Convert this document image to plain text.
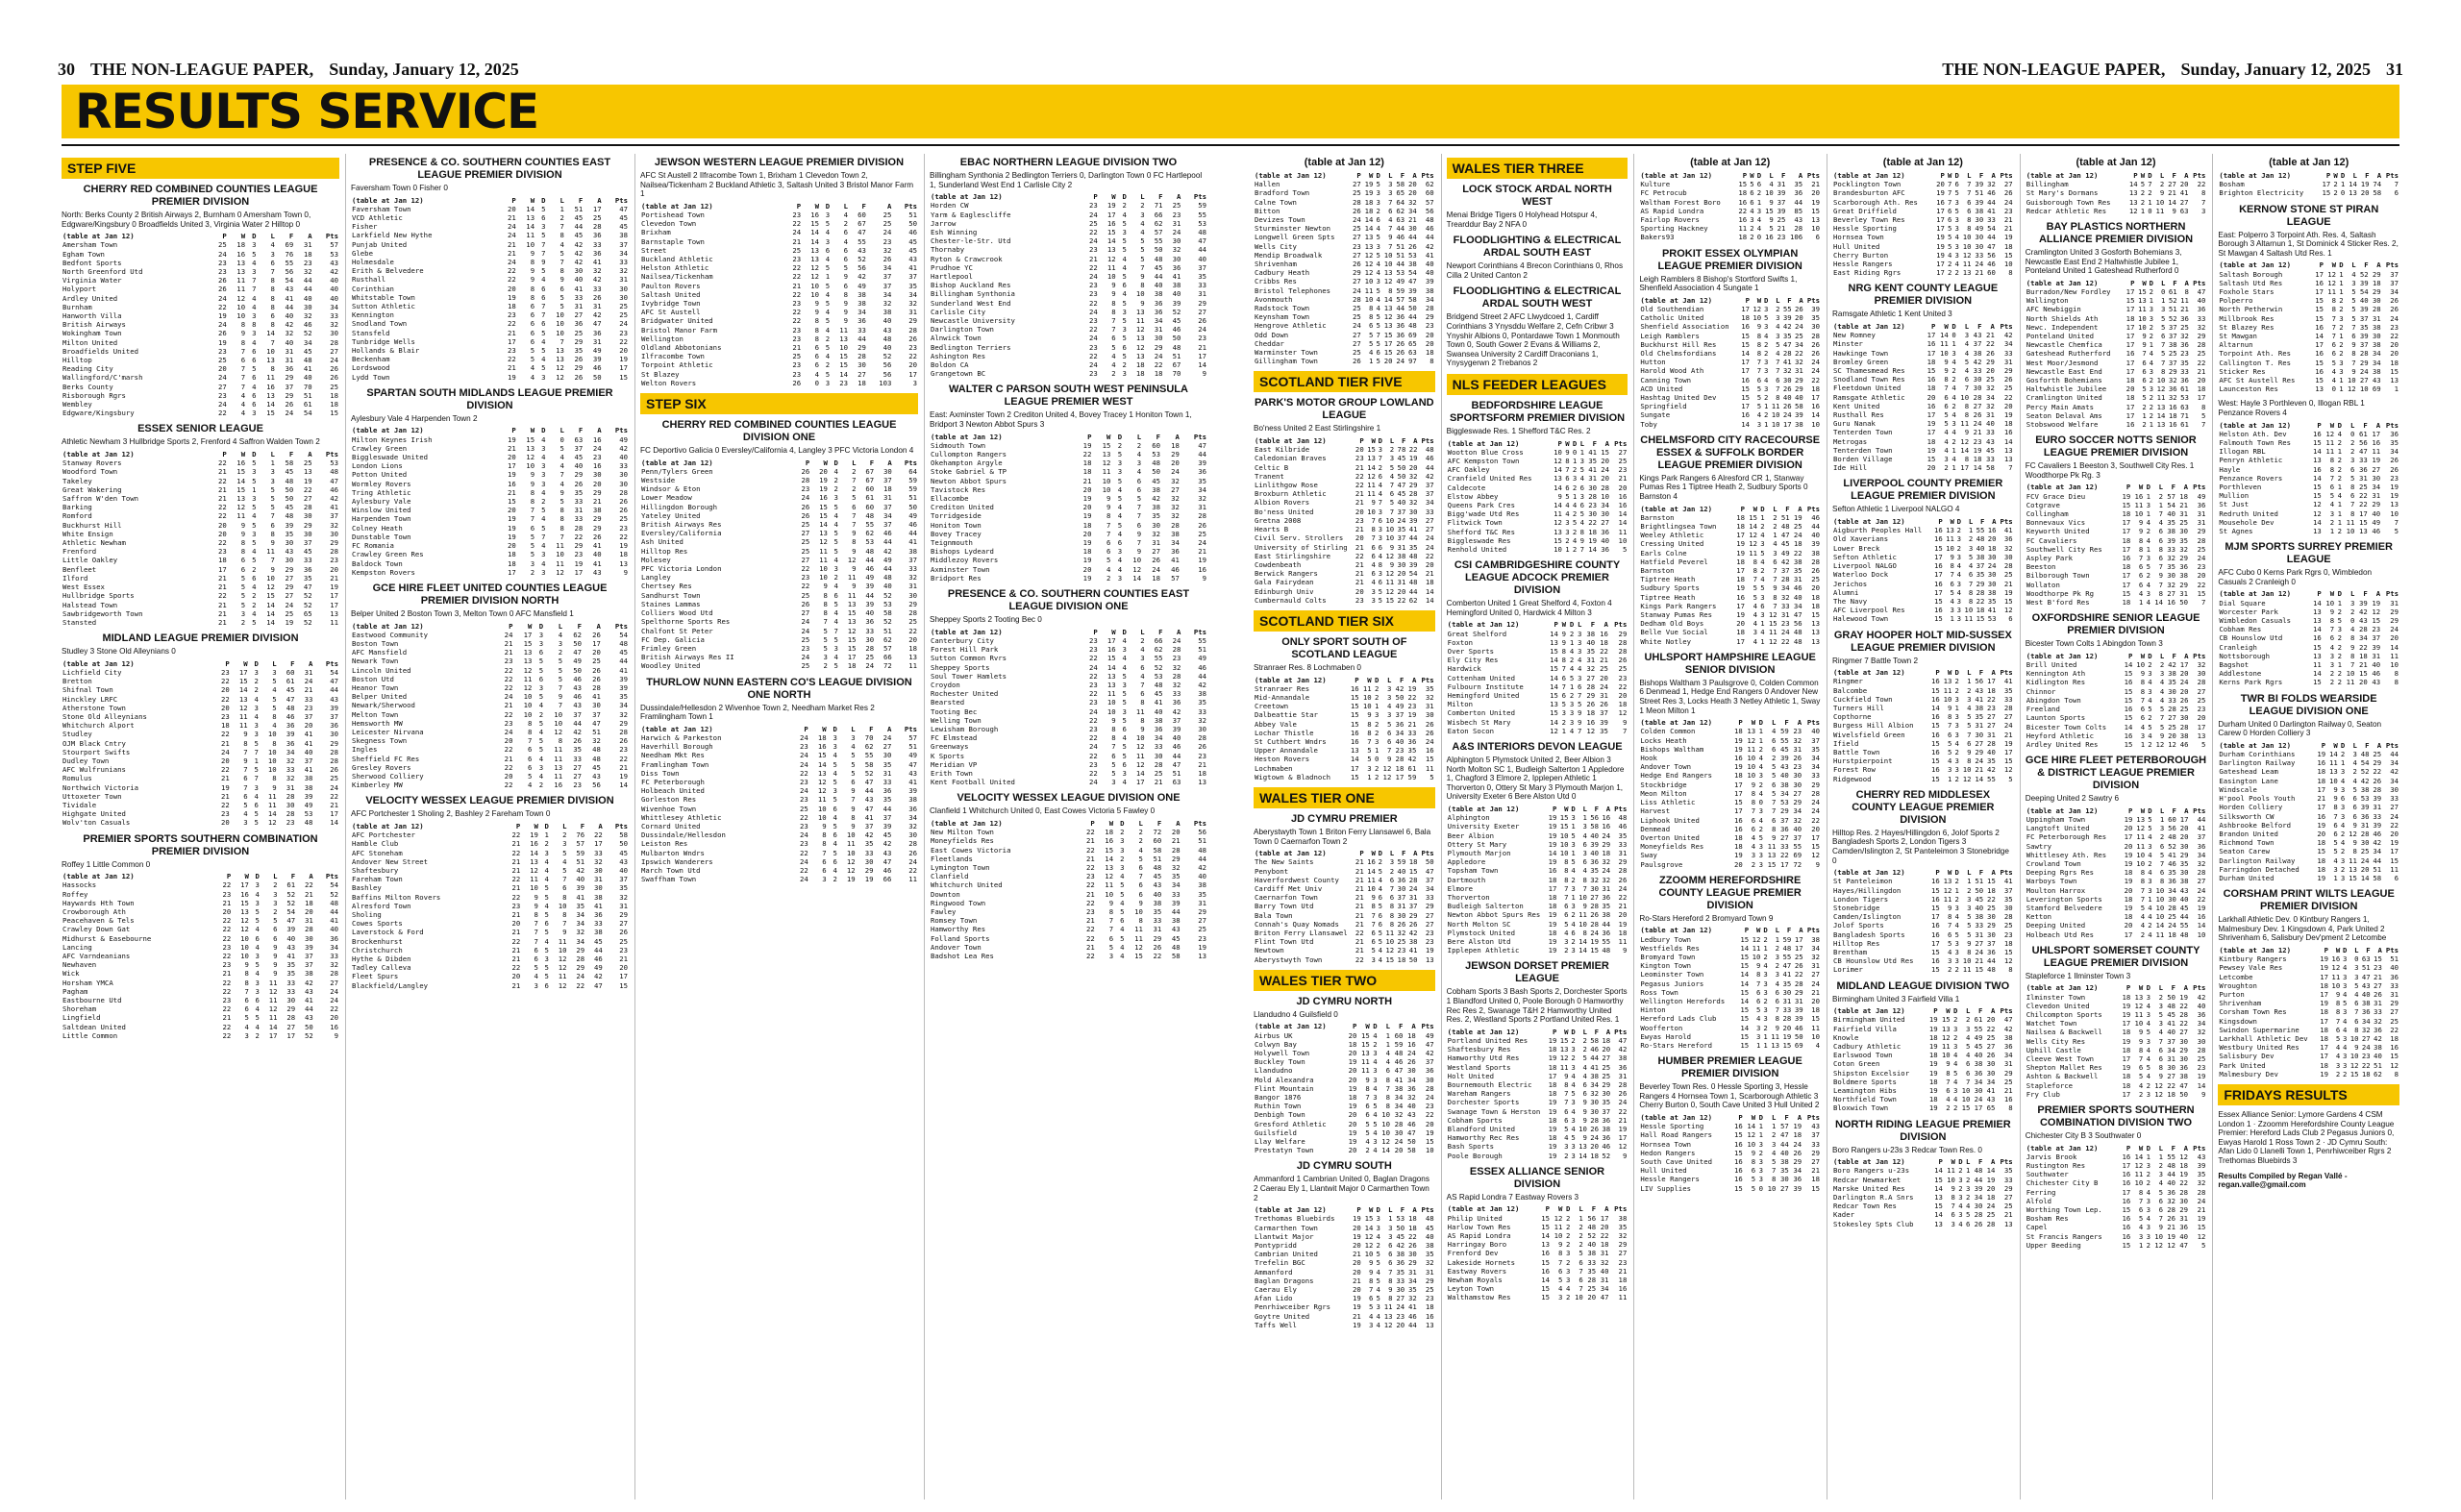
30 THE NON-LEAGUE PAPER, Sunday, January 12, 2025	THE NON-LEAGUE PAPER, Sunday, January 12, 2025 31
RESULTS SERVICE
STEP FIVE
CHERRY RED COMBINED COUNTIES LEAGUE PREMIER DIVISION
North: Berks County 2 British Airways 2, Burnham 0 Amersham Town 0, Edgware/Kingsbury 0 Broadfields United 3, Virginia Water 2 Hilltop 0
(table at Jan 12)	P	W	D	L	F	A	Pts
Amersham Town	25	18	3	4	69	31	57
Egham Town	24	16	5	3	76	18	53
Bedfont Sports	23	13	4	6	55	23	43
North Greenford Utd	23	13	3	7	56	32	42
Virginia Water	26	11	7	8	54	44	40
Holyport	26	11	7	8	43	44	40
Ardley United	24	12	4	8	41	40	40
Burnham	22	10	4	8	44	30	34
Hanworth Villa	19	10	3	6	40	32	33
British Airways	24	8	8	8	42	46	32
Wokingham Town	26	9	3	14	32	52	30
Milton United	19	8	4	7	40	34	28
Broadfields United	23	7	6	10	31	45	27
Hilltop	25	6	6	13	31	48	24
Reading City	20	7	5	8	36	41	26
Wallingford/C'marsh	24	7	6	11	29	40	26
Berks County	27	7	4	16	37	70	25
Risborough Rgrs	23	4	6	13	29	51	18
Wembley	24	4	6	14	26	61	18
Edgware/Kingsbury	22	4	3	15	24	54	15
ESSEX SENIOR LEAGUE
Athletic Newham 3 Hullbridge Sports 2, Frenford 4 Saffron Walden Town 2
(table at Jan 12)	P	W	D	L	F	A	Pts
Stanway Rovers	22	16	5	1	58	25	53
Woodford Town	21	15	3	3	45	13	48
Takeley	22	14	5	3	48	19	47
Great Wakering	21	15	1	5	50	22	46
Saffron W'den Town	21	13	3	5	50	27	42
Barking	22	12	5	5	45	28	41
Romford	22	11	4	7	48	30	37
Buckhurst Hill	20	9	5	6	39	29	32
White Ensign	20	9	3	8	35	30	30
Athletic Newham	22	8	5	9	30	37	29
Frenford	23	8	4	11	43	45	28
Little Oakley	18	6	5	7	30	33	23
Benfleet	17	6	2	9	29	36	20
Ilford	21	5	6	10	27	35	21
West Essex	21	5	4	12	29	47	19
Hullbridge Sports	22	5	2	15	27	52	17
Halstead Town	21	5	2	14	24	52	17
Sawbridgeworth Town	21	3	4	14	25	65	13
Stansted	21	2	5	14	19	52	11
MIDLAND LEAGUE PREMIER DIVISION
Studley 3 Stone Old Alleynians 0
(table at Jan 12)	P	W	D	L	F	A	Pts
Lichfield City	23	17	3	3	60	31	54
Bretton	22	15	2	5	61	24	47
Shifnal Town	20	14	2	4	45	21	44
Hinckley LRFC	22	13	4	5	47	33	43
Atherstone Town	20	12	3	5	48	23	39
Stone Old Alleynians	23	11	4	8	46	37	37
Whitchurch Alport	18	11	3	4	36	20	36
Studley	22	9	3	10	39	41	30
OJM Black Cntry	21	8	5	8	36	41	29
Stourport Swifts	24	7	7	10	34	40	28
Dudley Town	20	9	1	10	32	37	28
AFC Wulfrunians	22	7	5	10	33	41	26
Romulus	21	6	7	8	32	38	25
Northwich Victoria	19	7	3	9	31	38	24
Uttoxeter Town	21	6	4	11	28	39	22
Tividale	22	5	6	11	30	49	21
Highgate United	23	4	5	14	28	53	17
Wolv'ton Casuals	20	3	5	12	23	48	14
PREMIER SPORTS SOUTHERN COMBINATION PREMIER DIVISION
Roffey 1 Little Common 0
(table at Jan 12)	P	W	D	L	F	A	Pts
Hassocks	22	17	3	2	61	22	54
Roffey	23	16	4	3	52	21	52
Haywards Hth Town	21	15	3	3	52	18	48
Crowborough Ath	20	13	5	2	54	20	44
Peacehaven & Tels	22	12	5	5	47	31	41
Crawley Down Gat	22	12	4	6	39	28	40
Midhurst & Easebourne	22	10	6	6	40	30	36
Lancing	23	10	4	9	43	39	34
AFC Varndeanians	22	10	3	9	41	37	33
Newhaven	23	9	5	9	35	37	32
Wick	21	8	4	9	35	38	28
Horsham YMCA	22	8	3	11	33	42	27
Pagham	22	7	3	12	33	43	24
Eastbourne Utd	23	6	6	11	30	41	24
Shoreham	22	6	4	12	29	44	22
Lingfield	21	5	5	11	28	43	20
Saltdean United	22	4	4	14	27	50	16
Little Common	22	3	2	17	17	52	9
PRESENCE & CO. SOUTHERN COUNTIES EAST LEAGUE PREMIER DIVISION
Faversham Town 0 Fisher 0
(table at Jan 12)	P	W	D	L	F	A	Pts
Faversham Town	20	14	5	1	51	17	47
VCD Athletic	21	13	6	2	45	25	45
Fisher	24	14	3	7	44	28	45
Larkfield New Hythe	24	11	5	8	45	36	38
Punjab United	21	10	7	4	42	33	37
Glebe	21	9	7	5	42	36	34
Holmesdale	24	8	9	7	42	41	33
Erith & Belvedere	22	9	5	8	30	32	32
Rusthall	22	9	4	9	40	42	31
Corinthian	20	8	6	6	41	33	30
Whitstable Town	19	8	6	5	33	26	30
Sutton Athletic	18	6	7	5	31	31	25
Kennington	23	6	7	10	27	42	25
Snodland Town	22	6	6	10	36	47	24
Stansfeld	21	6	5	10	25	36	23
Tunbridge Wells	17	6	4	7	29	31	22
Hollands & Blair	23	5	5	13	35	49	20
Beckenham	22	5	4	13	26	39	19
Lordswood	21	4	5	12	29	46	17
Lydd Town	19	4	3	12	26	50	15
SPARTAN SOUTH MIDLANDS LEAGUE PREMIER DIVISION
Aylesbury Vale 4 Harpenden Town 2
(table at Jan 12)	P	W	D	L	F	A	Pts
Milton Keynes Irish	19	15	4	0	63	16	49
Crawley Green	21	13	3	5	37	24	42
Biggleswade United	20	12	4	4	45	23	40
London Lions	17	10	3	4	40	16	33
Potton United	19	9	3	7	29	30	30
Wormley Rovers	16	9	3	4	26	20	30
Tring Athletic	21	8	4	9	35	29	28
Aylesbury Vale	15	8	2	5	33	21	26
Winslow United	20	7	5	8	31	38	26
Harpenden Town	19	7	4	8	33	29	25
Colney Heath	19	6	5	8	28	29	23
Dunstable Town	19	5	7	7	22	26	22
FC Romania	20	5	4	11	29	41	19
Crawley Green Res	18	5	3	10	23	40	18
Baldock Town	18	3	4	11	19	41	13
Kempston Rovers	17	2	3	12	17	43	9
GCE HIRE FLEET UNITED COUNTIES LEAGUE PREMIER DIVISION NORTH
Belper United 2 Boston Town 3, Melton Town 0 AFC Mansfield 1
(table at Jan 12)	P	W	D	L	F	A	Pts
Eastwood Community	24	17	3	4	62	26	54
Boston Town	21	15	3	3	50	17	48
AFC Mansfield	21	13	6	2	47	20	45
Newark Town	23	13	5	5	49	25	44
Lincoln United	22	12	5	5	50	26	41
Boston Utd	22	11	6	5	46	26	39
Heanor Town	22	12	3	7	43	28	39
Belper United	24	10	5	9	46	41	35
Newark/Sherwood	21	10	4	7	43	30	34
Melton Town	22	10	2	10	37	37	32
Hemsworth MW	23	8	5	10	44	47	29
Leicester Nirvana	24	8	4	12	42	51	28
Skegness Town	20	7	5	8	26	32	26
Ingles	22	6	5	11	35	48	23
Sheffield FC Res	21	6	4	11	33	48	22
Gresley Rovers	22	6	3	13	27	45	21
Sherwood Colliery	20	5	4	11	27	43	19
Kimberley MW	22	4	2	16	23	56	14
VELOCITY WESSEX LEAGUE PREMIER DIVISION
AFC Portchester 1 Sholing 2, Bashley 2 Fareham Town 0
(table at Jan 12)	P	W	D	L	F	A	Pts
AFC Portchester	22	19	1	2	76	22	58
Hamble Club	21	16	2	3	57	17	50
AFC Stoneham	22	14	3	5	59	33	45
Andover New Street	21	13	4	4	51	32	43
Shaftesbury	21	12	4	5	42	30	40
Fareham Town	22	11	4	7	40	31	37
Bashley	21	10	5	6	39	30	35
Baffins Milton Rovers	22	9	5	8	41	38	32
Alresford Town	23	9	4	10	35	41	31
Sholing	21	8	5	8	34	36	29
Cowes Sports	20	7	6	7	34	33	27
Laverstock & Ford	21	7	5	9	32	38	26
Brockenhurst	22	7	4	11	34	45	25
Christchurch	21	6	5	10	29	44	23
Hythe & Dibden	21	6	3	12	28	46	21
Tadley Calleva	22	5	5	12	29	49	20
Fleet Spurs	20	4	5	11	24	42	17
Blackfield/Langley	21	3	6	12	22	47	15
JEWSON WESTERN LEAGUE PREMIER DIVISION
AFC St Austell 2 Ilfracombe Town 1, Brixham 1 Clevedon Town 2, Nailsea/Tickenham 2 Buckland Athletic 3, Saltash United 3 Bristol Manor Farm 1
(table at Jan 12)	P	W	D	L	F	A	Pts
Portishead Town	23	16	3	4	60	25	51
Clevedon Town	22	15	5	2	67	25	50
Brixham	24	14	4	6	47	24	46
Barnstaple Town	21	14	3	4	55	23	45
Street	25	13	6	6	43	32	45
Buckland Athletic	23	13	4	6	52	26	43
Helston Athletic	22	12	5	5	56	34	41
Nailsea/Tickenham	22	12	1	9	42	37	37
Paulton Rovers	21	10	5	6	49	37	35
Saltash United	22	10	4	8	38	34	34
Ivybridge Town	23	9	5	9	38	32	32
AFC St Austell	22	9	4	9	34	38	31
Bridgwater United	22	8	5	9	36	40	29
Bristol Manor Farm	23	8	4	11	33	43	28
Wellington	23	8	2	13	44	48	26
Oldland Abbotonians	21	6	5	10	29	40	23
Ilfracombe Town	25	6	4	15	28	52	22
Torpoint Athletic	23	6	2	15	30	56	20
St Blazey	23	4	5	14	27	56	17
Welton Rovers	26	0	3	23	18	103	3
STEP SIX
CHERRY RED COMBINED COUNTIES LEAGUE DIVISION ONE
FC Deportivo Galicia 0 Eversley/California 4, Langley 3 PFC Victoria London 4
(table at Jan 12)	P	W	D	L	F	A	Pts
Penn/Tylers Green	26	20	4	2	67	30	64
Westside	28	19	2	7	67	37	59
Windsor & Eton	23	19	2	2	60	18	59
Lower Meadow	24	16	3	5	61	31	51
Hillingdon Borough	26	15	5	6	60	37	50
Yateley United	26	15	4	7	48	34	49
British Airways Res	25	14	4	7	55	37	46
Eversley/California	27	13	5	9	62	46	44
Ash United	25	12	5	8	53	44	41
Hilltop Res	25	11	5	9	48	42	38
Molesey	27	11	4	12	44	49	37
PFC Victoria London	22	10	3	9	46	44	33
Langley	23	10	2	11	49	48	32
Chertsey Res	22	9	4	9	39	40	31
Sandhurst Town	25	8	6	11	44	52	30
Staines Lammas	26	8	5	13	39	53	29
Colliers Wood Utd	27	8	4	15	40	58	28
Spelthorne Sports Res	24	7	4	13	36	52	25
Chalfont St Peter	24	5	7	12	33	51	22
FC Dep. Galicia	25	5	5	15	30	62	20
Frimley Green	23	5	3	15	28	57	18
British Airways Res II	24	3	4	17	25	66	13
Woodley United	25	2	5	18	24	72	11
THURLOW NUNN EASTERN CO'S LEAGUE DIVISION ONE NORTH
Dussindale/Hellesdon 2 Wivenhoe Town 2, Needham Market Res 2 Framlingham Town 1
(table at Jan 12)	P	W	D	L	F	A	Pts
Harwich & Parkeston	24	18	3	3	70	24	57
Haverhill Borough	23	16	3	4	62	27	51
Needham Mkt Res	24	15	4	5	55	30	49
Framlingham Town	24	14	5	5	58	35	47
Diss Town	22	13	4	5	52	31	43
FC Peterborough	23	12	5	6	47	33	41
Holbeach United	24	12	3	9	44	36	39
Gorleston Res	23	11	5	7	43	35	38
Wivenhoe Town	25	10	6	9	47	44	36
Whittlesey Athletic	22	10	4	8	41	37	34
Cornard United	23	9	5	9	37	39	32
Dussindale/Hellesdon	24	8	6	10	42	45	30
Leiston Res	23	8	4	11	35	42	28
Mulbarton Wndrs	22	7	5	10	33	43	26
Ipswich Wanderers	24	6	6	12	30	47	24
March Town Utd	22	6	4	12	29	46	22
Swaffham Town	24	3	2	19	19	66	11
EBAC NORTHERN LEAGUE DIVISION TWO
Billingham Synthonia 2 Bedlington Terriers 0, Darlington Town 0 FC Hartlepool 1, Sunderland West End 1 Carlisle City 2
(table at Jan 12)	P	W	D	L	F	A	Pts
Horden CW	23	19	2	2	71	25	59
Yarm & Eaglescliffe	24	17	4	3	66	23	55
Jarrow	25	16	5	4	62	31	53
Esh Winning	22	15	3	4	57	24	48
Chester-le-Str. Utd	24	14	5	5	55	30	47
Thornaby	23	13	5	5	50	32	44
Ryton & Crawcrook	21	12	4	5	48	30	40
Prudhoe YC	22	11	4	7	45	36	37
Hartlepool	24	10	5	9	44	41	35
Bishop Auckland Res	23	9	6	8	40	38	33
Billingham Synthonia	23	9	4	10	38	40	31
Sunderland West End	22	8	5	9	36	39	29
Carlisle City	24	8	3	13	36	52	27
Newcastle University	23	7	5	11	34	45	26
Darlington Town	22	7	3	12	31	46	24
Alnwick Town	24	6	5	13	30	50	23
Bedlington Terriers	23	5	6	12	29	48	21
Ashington Res	22	4	5	13	24	51	17
Boldon CA	24	4	2	18	22	67	14
Grangetown BC	23	2	3	18	18	70	9
WALTER C PARSON SOUTH WEST PENINSULA LEAGUE PREMIER WEST
East: Axminster Town 2 Crediton United 4, Bovey Tracey 1 Honiton Town 1, Bridport 3 Newton Abbot Spurs 3
(table at Jan 12)	P	W	D	L	F	A	Pts
Sidmouth Town	19	15	2	2	60	18	47
Cullompton Rangers	22	13	5	4	53	29	44
Okehampton Argyle	18	12	3	3	48	20	39
Stoke Gabriel & TP	18	11	3	4	50	24	36
Newton Abbot Spurs	21	10	5	6	45	32	35
Tavistock Res	20	10	4	6	38	27	34
Ellacombe	19	9	5	5	42	32	32
Crediton United	20	9	4	7	38	32	31
Torridgeside	19	8	4	7	35	32	28
Honiton Town	18	7	5	6	30	28	26
Bovey Tracey	20	7	4	9	32	38	25
Teignmouth	19	6	6	7	31	34	24
Bishops Lydeard	18	6	3	9	27	36	21
Middlezoy Rovers	19	5	4	10	26	41	19
Axminster Town	20	4	4	12	24	46	16
Bridport Res	19	2	3	14	18	57	9
PRESENCE & CO. SOUTHERN COUNTIES EAST LEAGUE DIVISION ONE
Sheppey Sports 2 Tooting Bec 0
(table at Jan 12)	P	W	D	L	F	A	Pts
Canterbury City	23	17	4	2	66	24	55
Forest Hill Park	23	16	3	4	62	28	51
Sutton Common Rvrs	22	15	4	3	55	23	49
Sheppey Sports	24	14	4	6	52	32	46
Soul Tower Hamlets	22	13	5	4	53	28	44
Croydon	23	13	3	7	48	32	42
Rochester United	22	11	5	6	45	33	38
Bearsted	23	10	5	8	41	36	35
Tooting Bec	24	10	3	11	40	42	33
Welling Town	22	9	5	8	38	37	32
Lewisham Borough	23	8	6	9	36	39	30
FC Elmstead	22	8	4	10	34	40	28
Greenways	24	7	5	12	33	46	26
K Sports	22	6	5	11	30	44	23
Meridian VP	23	5	6	12	28	47	21
Erith Town	22	5	3	14	25	51	18
Kent Football United	24	3	4	17	21	63	13
VELOCITY WESSEX LEAGUE DIVISION ONE
Clanfield 1 Whitchurch United 0, East Cowes Victoria 5 Fawley 0
(table at Jan 12)	P	W	D	L	F	A	Pts
New Milton Town	22	18	2	2	72	20	56
Moneyfields Res	21	16	3	2	60	21	51
East Cowes Victoria	22	15	3	4	58	28	48
Fleetlands	21	14	2	5	51	29	44
Lymington Town	22	13	3	6	48	32	42
Clanfield	23	12	4	7	45	35	40
Whitchurch United	22	11	5	6	43	34	38
Downton	21	10	5	6	40	33	35
Ringwood Town	22	9	4	9	38	39	31
Fawley	23	8	5	10	35	44	29
Romsey Town	21	7	6	8	33	38	27
Hamworthy Res	22	7	4	11	31	43	25
Folland Sports	22	6	5	11	29	45	23
Andover Town	21	5	4	12	26	48	19
Badshot Lea Res	22	3	4	15	22	58	13
(table at Jan 12)
(table at Jan 12)	P	W	D	L	F	A	Pts
Hallen	27	19	5	3	58	20	62
Bradford Town	25	19	3	3	65	20	60
Calne Town	28	18	3	7	64	32	57
Bitton	26	18	2	6	62	34	56
Devizes Town	24	14	6	4	63	21	48
Sturminster Newton	25	14	4	7	44	30	46
Longwell Green Spts	27	13	5	9	46	44	44
Wells City	23	13	3	7	51	26	42
Mendip Broadwalk	27	12	5	10	51	53	41
Shrivenham	26	12	4	10	44	38	40
Cadbury Heath	29	12	4	13	53	54	40
Cribbs Res	27	10	3	12	49	47	39
Bristol Telephones	24	11	5	8	59	39	38
Avonmouth	28	10	4	14	57	58	34
Radstock Town	25	8	4	13	44	50	28
Keynsham Town	25	8	5	12	36	44	29
Hengrove Athletic	24	6	5	13	36	48	23
Odd Down	27	5	7	15	36	69	20
Cheddar	27	5	5	17	26	65	20
Warminster Town	25	4	6	15	26	63	18
Gillingham Town	26	1	5	20	24	97	8
SCOTLAND TIER FIVE
PARK'S MOTOR GROUP LOWLAND LEAGUE
Bo'ness United 2 East Stirlingshire 1
(table at Jan 12)	P	W	D	L	F	A	Pts
East Kilbride	20	15	3	2	78	22	48
Caledonian Braves	23	13	7	3	45	19	46
Celtic B	21	14	2	5	50	20	44
Tranent	22	12	6	4	50	32	42
Linlithgow Rose	22	11	4	7	47	29	37
Broxburn Athletic	21	11	4	6	45	28	37
Albion Rovers	21	9	7	5	40	32	34
Bo'ness United	20	10	3	7	37	30	33
Gretna 2008	23	7	6	10	24	39	27
Hearts B	21	8	3	10	35	41	27
Civil Serv. Strollers	20	7	3	10	37	44	24
University of Stirling	21	6	6	9	31	35	24
East Stirlingshire	22	6	4	12	38	48	22
Cowdenbeath	21	4	8	9	30	39	20
Berwick Rangers	21	6	3	12	20	54	21
Gala Fairydean	21	4	6	11	31	48	18
Edinburgh Univ	20	3	5	12	20	44	14
Cumbernauld Colts	23	3	5	15	22	62	14
SCOTLAND TIER SIX
ONLY SPORT SOUTH OF SCOTLAND LEAGUE
Stranraer Res. 8 Lochmaben 0
(table at Jan 12)	P	W	D	L	F	A	Pts
Stranraer Res	16	11	2	3	42	19	35
Mid-Annandale	15	10	2	3	50	22	32
Creetown	15	10	1	4	49	23	31
Dalbeattie Star	15	9	3	3	37	19	30
Abbey Vale	15	8	2	5	36	21	26
Lochar Thistle	16	8	2	6	34	33	26
St Cuthbert Wndrs	16	7	3	6	40	36	24
Upper Annandale	13	5	1	7	23	35	16
Heston Rovers	14	5	0	9	28	42	15
Lochmaben	17	3	2	12	18	61	11
Wigtown & Bladnoch	15	1	2	12	17	59	5
WALES TIER ONE
JD CYMRU PREMIER
Aberystwyth Town 1 Briton Ferry Llansawel 6, Bala Town 0 Caernarfon Town 2
(table at Jan 12)	P	W	D	L	F	A	Pts
The New Saints	21	16	2	3	59	18	50
Penybont	21	14	5	2	40	15	47
Haverfordwest County	21	11	4	6	36	28	37
Cardiff Met Univ	21	10	4	7	30	24	34
Caernarfon Town	21	9	6	6	37	31	33
Barry Town Utd	21	8	5	8	31	37	29
Bala Town	21	7	6	8	30	29	27
Connah's Quay Nomads	21	7	6	8	26	26	27
Briton Ferry Llansawel	22	6	5	11	32	42	23
Flint Town Utd	21	6	5	10	25	38	23
Newtown	21	5	4	12	23	41	19
Aberystwyth Town	22	3	4	15	18	50	13
WALES TIER TWO
JD CYMRU NORTH
Llandudno 4 Guilsfield 0
(table at Jan 12)	P	W	D	L	F	A	Pts
Airbus UK	20	15	4	1	60	18	49
Colwyn Bay	18	15	2	1	59	16	47
Holywell Town	20	13	3	4	48	24	42
Buckley Town	19	11	4	4	46	26	37
Llandudno	20	11	3	6	47	30	36
Mold Alexandra	20	9	3	8	41	34	30
Flint Mountain	19	8	4	7	38	36	28
Bangor 1876	18	7	3	8	34	32	24
Ruthin Town	19	6	5	8	34	40	23
Denbigh Town	20	6	4	10	32	43	22
Gresford Athletic	20	5	5	10	28	46	20
Guilsfield	19	5	4	10	30	47	19
Llay Welfare	19	4	3	12	24	50	15
Prestatyn Town	20	2	4	14	20	58	10
JD CYMRU SOUTH
Ammanford 1 Cambrian United 0, Baglan Dragons 2 Caerau Ely 1, Llantwit Major 0 Carmarthen Town 2
(table at Jan 12)	P	W	D	L	F	A	Pts
Trethomas Bluebirds	19	15	3	1	53	18	48
Carmarthen Town	20	14	3	3	50	18	45
Llantwit Major	19	12	4	3	45	22	40
Pontypridd	20	12	2	6	42	26	38
Cambrian United	21	10	5	6	38	30	35
Trefelin BGC	20	9	5	6	36	29	32
Ammanford	20	9	4	7	35	31	31
Baglan Dragons	21	8	5	8	33	34	29
Caerau Ely	20	7	4	9	30	35	25
Afan Lido	19	6	5	8	27	32	23
Penrhiwceiber Rgrs	19	5	3	11	24	41	18
Goytre United	21	4	4	13	23	46	16
Taffs Well	19	3	4	12	20	44	13
WALES TIER THREE
LOCK STOCK ARDAL NORTH WEST
Menai Bridge Tigers 0 Holyhead Hotspur 4, Trearddur Bay 2 NFA 0
FLOODLIGHTING & ELECTRICAL ARDAL SOUTH EAST
Newport Corinthians 4 Brecon Corinthians 0, Rhos Cilla 2 United Canton 2
FLOODLIGHTING & ELECTRICAL ARDAL SOUTH WEST
Bridgend Street 2 AFC Llwydcoed 1, Cardiff Corinthians 3 Ynysddu Welfare 2, Cefn Cribwr 3 Ynyshir Albions 0, Pontardawe Town 1 Monmouth Town 0, South Gower 2 Evans & Williams 2, Swansea University 2 Cardiff Draconians 1, Ynysygerwn 2 Trebanos 2
NLS FEEDER LEAGUES
BEDFORDSHIRE LEAGUE SPORTSFORM PREMIER DIVISION
Biggleswade Res. 1 Shefford T&C Res. 2
(table at Jan 12)	P	W	D	L	F	A	Pts
Wootton Blue Cross	10	9	0	1	41	15	27
AFC Kempston Town	12	8	1	3	35	20	25
AFC Oakley	14	7	2	5	41	24	23
Cranfield United Res	13	6	3	4	31	20	21
Caldecote	14	6	2	6	30	28	20
Elstow Abbey	9	5	1	3	28	10	16
Queens Park Cres	14	4	4	6	23	34	16
Bigg'wade Utd Res	11	4	2	5	30	30	14
Flitwick Town	12	3	5	4	22	27	14
Shefford T&C Res	13	3	2	8	18	36	11
Biggleswade Res	15	2	4	9	19	40	10
Renhold United	10	1	2	7	14	36	5
CSI CAMBRIDGESHIRE COUNTY LEAGUE ADCOCK PREMIER DIVISION
Comberton United 1 Great Shelford 4, Foxton 4 Hemingford United 0, Hardwick 4 Milton 3
(table at Jan 12)	P	W	D	L	F	A	Pts
Great Shelford	14	9	2	3	38	16	29
Foxton	13	9	1	3	40	18	28
Over Sports	15	8	4	3	35	22	28
Ely City Res	14	8	2	4	31	21	26
Hardwick	15	7	4	4	32	25	25
Cottenham United	14	6	5	3	27	20	23
Fulbourn Institute	14	7	1	6	28	24	22
Hemingford United	15	6	2	7	29	31	20
Milton	13	5	3	5	26	26	18
Comberton United	15	3	3	9	18	37	12
Wisbech St Mary	14	2	3	9	16	39	9
Eaton Socon	12	1	4	7	12	35	7
A&S INTERIORS DEVON LEAGUE
Alphington 5 Plymstock United 2, Beer Albion 3 North Molton SC 1, Budleigh Salterton 1 Appledore 1, Chagford 3 Elmore 2, Ipplepen Athletic 1 Thorverton 0, Ottery St Mary 3 Plymouth Marjon 1, University Exeter 6 Bere Alston Utd 0
(table at Jan 12)	P	W	D	L	F	A	Pts
Alphington	19	15	3	1	56	16	48
University Exeter	19	15	1	3	58	16	46
Beer Albion	19	10	5	4	40	24	35
Ottery St Mary	19	10	3	6	39	29	33
Plymouth Marjon	14	10	1	3	40	18	31
Appledore	19	8	5	6	36	32	29
Topsham Town	16	8	4	4	35	24	28
Dartmouth	18	8	2	8	32	32	26
Elmore	17	7	3	7	30	31	24
Thorverton	18	7	1	10	27	36	22
Budleigh Salterton	18	6	3	9	28	35	21
Newton Abbot Spurs Res	19	6	2	11	26	38	20
North Molton SC	19	5	4	10	28	44	19
Plymstock United	18	4	6	8	24	36	18
Bere Alston Utd	19	3	2	14	19	55	11
Ipplepen Athletic	19	2	3	14	15	48	9
JEWSON DORSET PREMIER LEAGUE
Cobham Sports 3 Bash Sports 2, Dorchester Sports 1 Blandford United 0, Poole Borough 0 Hamworthy Rec Res 2, Swanage T&H 2 Hamworthy United Res. 2, Westland Sports 2 Portland United Res. 1
(table at Jan 12)	P	W	D	L	F	A	Pts
Portland United Res	19	15	2	2	58	18	47
Shaftesbury Res	18	13	3	2	46	20	42
Hamworthy Utd Res	19	12	2	5	44	27	38
Westland Sports	18	11	3	4	41	25	36
Holt United	17	9	4	4	38	25	31
Bournemouth Electric	18	8	4	6	34	29	28
Wareham Rangers	18	7	5	6	32	30	26
Dorchester Sports	19	7	3	9	30	35	24
Swanage Town & Herston	19	6	4	9	30	37	22
Cobham Sports	18	6	3	9	28	36	21
Blandford United	19	5	4	10	26	38	19
Hamworthy Rec Res	18	4	5	9	24	36	17
Bash Sports	19	3	3	13	20	46	12
Poole Borough	19	2	3	14	18	52	9
ESSEX ALLIANCE SENIOR DIVISION
AS Rapid Londra 7 Eastway Rovers 3
(table at Jan 12)	P	W	D	L	F	A	Pts
Philip United	15	12	2	1	56	17	38
Harlow Town Res	15	11	2	2	48	20	35
AS Rapid Londra	14	10	2	2	52	22	32
Harringay Boro	13	9	2	2	40	18	29
Frenford Dev	16	8	3	5	38	31	27
Lakeside Hornets	15	7	2	6	33	32	23
Eastway Rovers	16	6	3	7	35	40	21
Newham Royals	14	5	3	6	28	31	18
Leyton Town	15	4	4	7	25	34	16
Walthamstow Res	15	3	2	10	20	47	11
(table at Jan 12)
(table at Jan 12)	P	W	D	L	F	A	Pts
Kulture	15	5	6	4	31	35	21
FC Petrocub	18	6	2	10	39	36	20
Waltham Forest Boro	16	6	1	9	37	44	19
AS Rapid Londra	22	4	3	15	39	85	15
Fairlop Rovers	16	3	4	9	25	43	13
Sporting Hackney	11	2	4	5	21	28	10
Bakers93	18	2	0	16	23	106	6
PROKIT ESSEX OLYMPIAN LEAGUE PREMIER DIVISION
Leigh Ramblers 8 Bishop's Stortford Swifts 1, Shenfield Association 4 Sungate 1
(table at Jan 12)	P	W	D	L	F	A	Pts
Old Southendian	17	12	3	2	55	26	39
Catholic United	18	10	5	3	39	20	35
Shenfield Association	16	9	3	4	42	24	30
Leigh Ramblers	15	8	4	3	35	25	28
Buckhurst Hill Res	15	8	2	5	47	34	26
Old Chelmsfordians	14	8	2	4	28	22	26
Hutton	17	7	3	7	41	32	24
Harold Wood Ath	17	7	3	7	32	31	24
Canning Town	16	6	4	6	30	29	22
ACD United	15	5	3	7	26	29	18
Hashtag United Dev	15	5	2	8	40	40	17
Springfield	17	5	1	11	26	58	16
Sungate	16	4	2	10	24	39	14
Toby	14	3	1	10	17	38	10
CHELMSFORD CITY RACECOURSE ESSEX & SUFFOLK BORDER LEAGUE PREMIER DIVISION
Kings Park Rangers 6 Alresford CR 1, Stanway Pumas Res 1 Tiptree Heath 2, Sudbury Sports 0 Barnston 4
(table at Jan 12)	P	W	D	L	F	A	Pts
Barnston	18	15	1	2	51	19	46
Brightlingsea Town	18	14	2	2	48	25	44
Weeley Athletic	17	12	4	1	47	24	40
Cressing United	19	12	3	4	45	18	39
Earls Colne	19	11	5	3	49	22	38
Hatfield Peverel	18	8	4	6	42	38	28
Barnston	17	8	2	7	37	35	26
Tiptree Heath	18	7	4	7	28	31	25
Sudbury Sports	19	5	5	9	34	46	20
Tiptree Heath	16	5	3	8	32	40	18
Kings Park Rangers	17	4	6	7	33	34	18
Stanway Pumas Res	19	4	3	12	31	47	15
Dedham Old Boys	20	4	1	15	23	56	13
Belle Vue Social	18	3	4	11	24	48	13
White Notley	17	4	1	12	22	48	13
UHLSPORT HAMPSHIRE LEAGUE SENIOR DIVISION
Bishops Waltham 3 Paulsgrove 0, Colden Common 6 Denmead 1, Hedge End Rangers 0 Andover New Street Res 3, Locks Heath 3 Netley Athletic 1, Sway 1 Meon Milton 1
(table at Jan 12)	P	W	D	L	F	A	Pts
Colden Common	18	13	1	4	59	23	40
Locks Heath	19	12	1	6	55	32	37
Bishops Waltham	19	11	2	6	45	31	35
Hook	16	10	4	2	39	26	34
Andover Town	19	10	4	5	43	23	34
Hedge End Rangers	18	10	3	5	40	30	33
Stockbridge	17	9	2	6	38	30	29
Meon Milton	17	8	4	5	34	27	28
Liss Athletic	15	8	0	7	53	29	24
Harvest	17	7	3	7	29	34	24
Liphook United	16	6	4	6	37	32	22
Denmead	16	6	2	8	36	40	20
Overton United	18	4	5	9	27	37	17
Moneyfields Res	18	4	3	11	33	55	15
Sway	19	3	3	13	22	69	12
Paulsgrove	20	2	3	15	17	72	9
ZZOOMM HEREFORDSHIRE COUNTY LEAGUE PREMIER DIVISION
Ro-Stars Hereford 2 Bromyard Town 9
(table at Jan 12)	P	W	D	L	F	A	Pts
Ledbury Town	15	12	2	1	59	17	38
Westfields Res	14	11	1	2	48	17	34
Bromyard Town	15	10	2	3	55	25	32
Kington Town	15	9	4	2	47	26	31
Leominster Town	14	8	3	3	41	22	27
Pegasus Juniors	14	7	3	4	35	28	24
Ross Town	15	6	3	6	30	29	21
Wellington Herefords	14	6	2	6	31	31	20
Hinton	15	5	3	7	33	39	18
Hereford Lads Club	15	4	3	8	28	39	15
Woofferton	14	3	2	9	20	46	11
Ewyas Harold	15	3	1	11	19	50	10
Ro-Stars Hereford	15	1	1	13	15	69	4
HUMBER PREMIER LEAGUE PREMIER DIVISION
Beverley Town Res. 0 Hessle Sporting 3, Hessle Rangers 4 Hornsea Town 1, Scarborough Athletic 3 Cherry Burton 0, South Cave United 3 Hull United 2
(table at Jan 12)	P	W	D	L	F	A	Pts
Hessle Sporting	16	14	1	1	57	19	43
Hall Road Rangers	15	12	1	2	47	18	37
Hornsea Town	16	10	3	3	44	24	33
Hedon Rangers	15	9	2	4	40	26	29
South Cave United	16	8	3	5	38	29	27
Hull United	16	6	3	7	35	34	21
Hessle Rangers	16	5	3	8	30	36	18
LIV Supplies	15	5	0	10	27	39	15
(table at Jan 12)
(table at Jan 12)	P	W	D	L	F	A	Pts
Pocklington Town	20	7	6	7	39	32	27
Brandesburton AFC	19	7	5	7	51	46	26
Scarborough Ath. Res	16	7	3	6	39	44	24
Great Driffield	17	6	5	6	38	41	23
Beverley Town Res	17	6	3	8	30	33	21
Hessle Sporting	17	5	3	8	49	54	21
Hornsea Town	19	5	4	10	30	44	19
Hull United	19	5	3	10	30	47	18
Cherry Burton	19	4	3	12	33	56	15
Hessle Rangers	17	2	4	11	24	46	10
East Riding Rgrs	17	2	2	13	21	60	8
NRG KENT COUNTY LEAGUE PREMIER DIVISION
Ramsgate Athletic 1 Kent United 3
(table at Jan 12)	P	W	D	L	F	A	Pts
New Romney	17	14	0	3	43	21	42
Minster	16	11	1	4	37	22	34
Hawkinge Town	17	10	3	4	38	26	33
Bromley Green	18	9	4	5	42	29	31
SC Thamesmead Res	15	9	2	4	33	20	29
Snodland Town Res	16	8	2	6	30	25	26
Fleetdown United	18	7	4	7	30	32	25
Ramsgate Athletic	20	6	4	10	28	34	22
Kent United	16	6	2	8	27	32	20
Rusthall Res	17	5	4	8	26	31	19
Guru Nanak	19	5	3	11	24	40	18
Tenterden Town	17	4	4	9	21	33	16
Metrogas	18	4	2	12	23	43	14
Tenterden Town	19	4	1	14	19	45	13
Borden Village	15	3	4	8	18	33	13
Ide Hill	20	2	1	17	14	58	7
LIVERPOOL COUNTY PREMIER LEAGUE PREMIER DIVISION
Sefton Athletic 1 Liverpool NALGO 4
(table at Jan 12)	P	W	D	L	F	A	Pts
Aigburth Peoples Hall	16	13	2	1	55	16	41
Old Xaverians	16	11	3	2	48	20	36
Lower Breck	15	10	2	3	40	18	32
Sefton Athletic	17	9	3	5	38	30	30
Liverpool NALGO	16	8	4	4	37	24	28
Waterloo Dock	17	7	4	6	35	30	25
Jerichos	16	6	3	7	29	30	21
Alumni	17	5	4	8	28	38	19
The Navy	15	4	3	8	22	35	15
AFC Liverpool Res	16	3	3	10	18	41	12
Halewood Town	15	1	3	11	15	53	6
GRAY HOOPER HOLT MID-SUSSEX LEAGUE PREMIER DIVISION
Ringmer 7 Battle Town 2
(table at Jan 12)	P	W	D	L	F	A	Pts
Ringmer	16	13	2	1	56	17	41
Balcombe	15	11	2	2	43	18	35
Cuckfield Town	16	10	3	3	41	22	33
Turners Hill	14	9	1	4	38	23	28
Copthorne	16	8	3	5	35	27	27
Burgess Hill Albion	15	7	3	5	31	27	24
Wivelsfield Green	16	6	3	7	30	31	21
Ifield	15	5	4	6	27	28	19
Battle Town	16	5	2	9	29	40	17
Hurstpierpoint	15	4	3	8	24	35	15
Forest Row	16	3	3	10	21	42	12
Ridgewood	15	1	2	12	14	55	5
CHERRY RED MIDDLESEX COUNTY LEAGUE PREMIER DIVISION
Hilltop Res. 2 Hayes/Hillingdon 6, Jolof Sports 2 Bangladesh Sports 2, London Tigers 3 Camden/Islington 2, St Panteleimon 3 Stonebridge 0
(table at Jan 12)	P	W	D	L	F	A	Pts
St Panteleimon	16	13	2	1	51	15	41
Hayes/Hillingdon	15	12	1	2	50	18	37
London Tigers	16	11	2	3	45	22	35
Stonebridge	15	9	3	3	40	25	30
Camden/Islington	17	8	4	5	38	30	28
Jolof Sports	16	7	4	5	33	29	25
Bangladesh Sports	16	6	5	5	31	30	23
Hilltop Res	17	5	3	9	27	37	18
Brentham	15	4	3	8	24	36	15
CB Hounslow Utd Res	16	3	3	10	21	44	12
Lorimer	15	2	2	11	15	48	8
MIDLAND LEAGUE DIVISION TWO
Birmingham United 3 Fairfield Villa 1
(table at Jan 12)	P	W	D	L	F	A	Pts
Birmingham United	19	15	2	2	61	20	47
Fairfield Villa	19	13	3	3	55	22	42
Knowle	18	12	2	4	49	25	38
Cadbury Athletic	19	11	3	5	45	27	36
Earlswood Town	18	10	4	4	40	26	34
Coton Green	19	9	4	6	38	30	31
Shipston Excelsior	19	8	5	6	36	30	29
Boldmere Sports	18	7	4	7	34	34	25
Leamington Hibs	19	6	3	10	30	41	21
Northfield Town	18	4	4	10	24	43	16
Bloxwich Town	19	2	2	15	17	65	8
NORTH RIDING LEAGUE PREMIER DIVISION
Boro Rangers u-23s 3 Redcar Town Res. 0
(table at Jan 12)	P	W	D	L	F	A	Pts
Boro Rangers u-23s	14	11	2	1	48	14	35
Redcar Newmarket	15	10	3	2	44	19	33
Marske United Res	14	9	2	3	39	20	29
Darlington R.A Snrs	13	8	3	2	34	18	27
Redcar Town Res	15	7	4	4	30	24	25
Kader	14	6	3	5	28	25	21
Stokesley Spts Club	13	3	4	6	26	28	13
(table at Jan 12)
(table at Jan 12)	P	W	D	L	F	A	Pts
Billingham	14	5	7	2	27	20	22
St Mary's Dormans	13	2	2	9	21	41	8
Guisborough Town Res	13	2	1	10	14	27	7
Redcar Athletic Res	12	1	0	11	9	63	3
BAY PLASTICS NORTHERN ALLIANCE PREMIER DIVISION
Cramlington United 3 Gosforth Bohemians 3, Newcastle East End 2 Haltwhistle Jubilee 1, Ponteland United 1 Gateshead Rutherford 0
(table at Jan 12)	P	W	D	L	F	A	Pts
Burradon/New Fordley	17	15	2	0	61	8	47
Wallington	15	13	1	1	52	11	40
AFC Newbiggin	17	11	3	3	51	21	36
North Shields Ath	18	10	3	5	52	36	33
Newc. Independent	17	10	2	5	37	25	32
Ponteland United	17	9	2	6	37	32	29
Newcastle Chemfica	17	9	1	7	38	36	28
Gateshead Rutherford	16	7	4	5	25	23	25
West Moor/Jesmond	17	6	4	7	37	35	22
Newcastle East End	17	6	3	8	29	33	21
Gosforth Bohemians	18	6	2	10	32	36	20
Haltwhistle Jubilee	20	5	3	12	36	61	18
Cramlington United	18	5	2	11	32	53	17
Percy Main Amats	17	2	2	13	16	63	8
Seaton Delaval Ams	17	1	2	14	18	71	5
Stobswood Welfare	16	2	1	13	16	61	7
EURO SOCCER NOTTS SENIOR LEAGUE PREMIER DIVISION
FC Cavaliers 1 Beeston 3, Southwell City Res. 1 Woodthorpe Pk Rg. 3
(table at Jan 12)	P	W	D	L	F	A	Pts
FCV Grace Dieu	19	16	1	2	57	18	49
Cotgrave	15	11	3	1	54	21	36
Collingham	18	10	1	7	40	31	31
Bonnevaux Vics	17	9	4	4	35	25	31
Keyworth United	17	9	2	6	38	30	29
FC Cavaliers	18	8	4	6	39	35	28
Southwell City Res	17	8	1	8	33	32	25
Aspley Park	16	7	3	6	32	29	24
Beeston	18	6	5	7	35	36	23
Bilborough Town	17	6	2	9	30	38	20
Wollaton	17	6	4	7	32	29	22
Woodthorpe Pk Rg	15	4	3	8	27	31	15
West B'ford Res	18	1	4	14	16	50	7
OXFORDSHIRE SENIOR LEAGUE PREMIER DIVISION
Bicester Town Colts 1 Abingdon Town 3
(table at Jan 12)	P	W	D	L	F	A	Pts
Brill United	14	10	2	2	42	17	32
Kennington Ath	15	9	3	3	38	20	30
Kidlington Res	16	8	4	4	35	24	28
Chinnor	15	8	3	4	30	20	27
Abingdon Town	15	7	4	4	33	26	25
Freeland	16	6	5	5	28	25	23
Launton Sports	15	6	2	7	27	30	20
Bicester Town Colts	14	4	5	5	25	28	17
Heyford Athletic	16	3	4	9	20	38	13
Ardley United Res	15	1	2	12	12	46	5
GCE HIRE FLEET PETERBOROUGH & DISTRICT LEAGUE PREMIER DIVISION
Deeping United 2 Sawtry 6
(table at Jan 12)	P	W	D	L	F	A	Pts
Uppingham Town	19	13	5	1	60	17	44
Langtoft United	20	12	5	3	56	20	41
FC Peterborough Res	17	11	4	2	48	20	37
Sawtry	20	11	3	6	52	30	36
Whittlesey Ath. Res	19	10	4	5	41	29	34
Crowland Town	19	10	2	7	46	35	32
Deeping Rgrs Res	18	8	4	6	35	30	28
Warboys Town	19	8	3	8	36	38	27
Moulton Harrox	20	7	3	10	34	43	24
Leverington Sports	18	7	1	10	30	40	22
Stamford Belvedere	19	5	4	10	28	45	19
Ketton	18	4	4	10	25	44	16
Deeping United	20	4	2	14	24	55	14
Holbeach Utd Res	17	2	4	11	18	48	10
UHLSPORT SOMERSET COUNTY LEAGUE PREMIER DIVISION
Stapleforce 1 Ilminster Town 3
(table at Jan 12)	P	W	D	L	F	A	Pts
Ilminster Town	18	13	3	2	50	19	42
Clevedon United	19	12	4	3	48	22	40
Chilcompton Sports	19	11	3	5	45	28	36
Watchet Town	17	10	4	3	41	22	34
Nailsea & Backwell	18	9	5	4	40	27	32
Wells City Res	19	9	3	7	37	30	30
Uphill Castle	18	8	4	6	34	29	28
Cleeve West Town	17	7	4	6	31	30	25
Shepton Mallet Res	19	6	5	8	30	36	23
Ashton & Backwell	18	5	4	9	27	38	19
Stapleforce	18	4	2	12	22	47	14
Fry Club	17	2	3	12	18	50	9
PREMIER SPORTS SOUTHERN COMBINATION DIVISION TWO
Chichester City B 3 Southwater 0
(table at Jan 12)	P	W	D	L	F	A	Pts
Jarvis Brook	16	14	1	1	55	12	43
Rustington Res	17	12	3	2	48	18	39
Southwater	16	11	2	3	44	19	35
Chichester City B	16	10	2	4	40	22	32
Ferring	17	8	4	5	36	28	28
Alfold	16	7	3	6	32	30	24
Worthing Town Lep.	15	6	3	6	28	29	21
Bosham Res	16	5	4	7	26	31	19
Capel	16	4	3	9	21	36	15
St Francis Rangers	16	3	3	10	19	40	12
Upper Beeding	15	1	2	12	12	47	5
(table at Jan 12)
(table at Jan 12)	P	W	D	L	F	A	Pts
Bosham	17	2	1	14	19	74	7
Brighton Electricity	15	2	0	13	20	58	6
KERNOW STONE ST PIRAN LEAGUE
East: Polperro 3 Torpoint Ath. Res. 4, Saltash Borough 3 Altarnun 1, St Dominick 4 Sticker Res. 2, St Mawgan 4 Saltash Utd Res. 1
(table at Jan 12)	P	W	D	L	F	A	Pts
Saltash Borough	17	12	1	4	52	29	37
Saltash Utd Res	16	12	1	3	39	18	37
Foxhole Stars	17	11	1	5	54	29	34
Polperro	15	8	2	5	40	30	26
North Petherwin	15	8	2	5	39	28	26
Millbrook Res	15	7	3	5	37	31	24
St Blazey Res	16	7	2	7	35	38	23
St Mawgan	14	7	1	6	39	30	22
Altarnun	17	6	2	9	37	38	20
Torpoint Ath. Res	16	6	2	8	28	34	20
Callington T. Res	15	5	3	7	29	34	18
Sticker Res	16	4	3	9	24	38	15
AFC St Austell Res	15	4	1	10	27	43	13
Launceston Res	13	0	1	12	10	69	1
West: Hayle 3 Porthleven 0, Illogan RBL 1 Penzance Rovers 4
(table at Jan 12)	P	W	D	L	F	A	Pts
Helston Ath. Dev	16	12	4	0	61	17	36
Falmouth Town Res	15	11	2	2	56	16	35
Illogan RBL	14	11	1	2	47	11	34
Penryn Athletic	13	8	2	3	33	19	26
Hayle	16	8	2	6	36	27	26
Penzance Rovers	14	7	2	5	31	30	23
Porthleven	15	6	1	8	25	34	19
Mullion	15	5	4	6	22	31	19
St Just	12	4	1	7	22	29	13
Redruth United	12	3	1	8	17	40	10
Mousehole Dev	14	2	1	11	15	49	7
St Agnes	13	1	2	10	13	46	5
MJM SPORTS SURREY PREMIER LEAGUE
AFC Cubo 0 Kerns Park Rgrs 0, Wimbledon Casuals 2 Cranleigh 0
(table at Jan 12)	P	W	D	L	F	A	Pts
Dial Square	14	10	1	3	39	19	31
Worcester Park	13	9	2	2	42	12	29
Wimbledon Casuals	13	8	5	0	43	15	29
Cobham Res	14	7	3	4	28	23	24
CB Hounslow Utd	16	6	2	8	34	37	20
Cranleigh	15	4	2	9	22	39	14
Nottsborough	13	3	2	8	18	31	11
Bagshot	11	3	1	7	21	40	10
Addlestone	14	2	2	10	15	46	8
Kerns Park Rgrs	15	2	2	11	20	43	8
TWR BI FOLDS WEARSIDE LEAGUE DIVISION ONE
Durham United 0 Darlington Railway 0, Seaton Carew 0 Horden Colliery 3
(table at Jan 12)	P	W	D	L	F	A	Pts
Durham Corinthians	19	14	2	3	48	25	44
Darlington Railway	16	11	1	4	54	29	34
Gateshead Leam	18	13	3	2	52	22	42
Easington Lane	18	10	4	4	42	26	34
Windscale	17	9	3	5	38	28	30
H'pool Pools Youth	21	9	6	6	53	39	33
Horden Colliery	17	8	3	6	39	31	27
Silksworth CW	16	7	3	6	36	33	24
Ashbrooke Belford	19	6	4	9	31	39	22
Brandon United	20	6	2	12	28	46	20
Richmond Town	18	5	4	9	30	42	19
Seaton Carew	15	5	2	8	25	34	17
Darlington Railway	18	4	3	11	24	44	15
Farringdon Detached	18	3	2	13	20	51	11
Durham United	19	1	3	15	14	58	6
CORSHAM PRINT WILTS LEAGUE PREMIER DIVISION
Larkhall Athletic Dev. 0 Kintbury Rangers 1, Malmesbury Dev. 1 Kingsdown 4, Park United 2 Shrivenham 6, Salisbury Dev'pment 2 Letcombe
(table at Jan 12)	P	W	D	L	F	A	Pts
Kintbury Rangers	19	16	3	0	63	15	51
Pewsey Vale Res	19	12	4	3	51	23	40
Letcombe	17	11	3	3	47	21	36
Wroughton	18	10	3	5	43	27	33
Purton	17	9	4	4	40	26	31
Shrivenham	19	8	5	6	38	31	29
Corsham Town Res	18	8	3	7	36	33	27
Kingsdown	17	7	4	6	34	32	25
Swindon Supermarine	18	6	4	8	32	36	22
Larkhall Athletic Dev	18	5	3	10	27	42	18
Westbury United Res	17	4	4	9	24	38	16
Salisbury Dev	17	4	3	10	23	40	15
Park United	18	3	3	12	22	51	12
Malmesbury Dev	19	2	2	15	18	62	8
FRIDAYS RESULTS
Essex Alliance Senior: Lymore Gardens 4 CSM London 1 · Zzoomm Herefordshire County League Premier: Hereford Lads Club 2 Pegasus Juniors 0, Ewyas Harold 1 Ross Town 2 · JD Cymru South: Afan Lido 0 Llanelli Town 1, Penrhiwceiber Rgrs 2 Trethomas Bluebirds 3
Results Compiled by Regan Vallé - regan.valle@gmail.com
